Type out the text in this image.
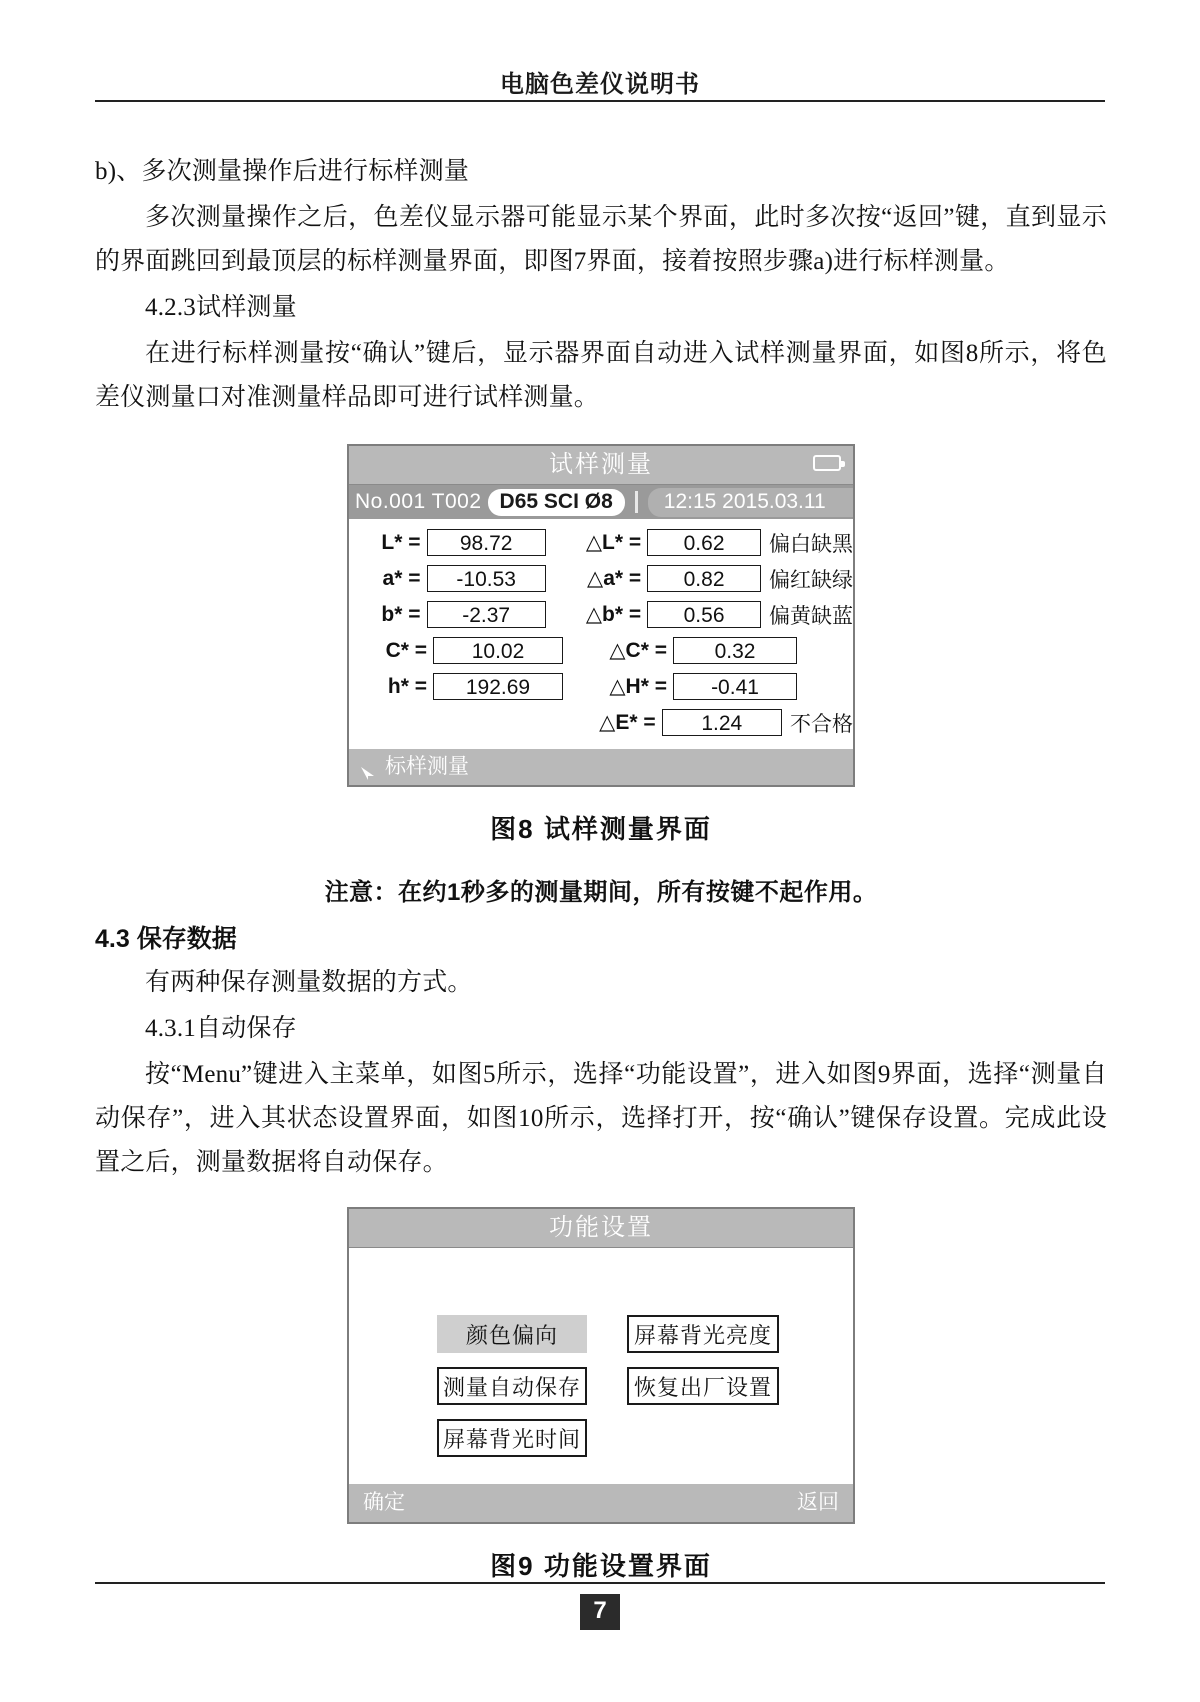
电脑色差仪说明书

b)、多次测量操作后进行标样测量

多次测量操作之后，色差仪显示器可能显示某个界面，此时多次按“返回”键，直到显示的界面跳回到最顶层的标样测量界面，即图7界面，接着按照步骤a)进行标样测量。

4.2.3试样测量

在进行标样测量按“确认”键后，显示器界面自动进入试样测量界面，如图8所示，将色差仪测量口对准测量样品即可进行试样测量。

试样测量
No.001 T002 D65 SCI Ø8	12:15 2015.03.11
L* =	98.72	△L* =	0.62	偏白缺黑
a* =	-10.53	△a* =	0.82	偏红缺绿
b* =	-2.37	△b* =	0.56	偏黄缺蓝
C* =	10.02	△C* =	0.32
h* =	192.69	△H* =	-0.41
△E* =	1.24	不合格
标样测量
图8 试样测量界面
注意：在约1秒多的测量期间，所有按键不起作用。

4.3 保存数据

有两种保存测量数据的方式。

4.3.1自动保存

按“Menu”键进入主菜单，如图5所示，选择“功能设置”，进入如图9界面，选择“测量自动保存”，进入其状态设置界面，如图10所示，选择打开，按“确认”键保存设置。完成此设置之后，测量数据将自动保存。

功能设置
颜色偏向	屏幕背光亮度
测量自动保存	恢复出厂设置
屏幕背光时间
确定	返回
图9 功能设置界面
7
